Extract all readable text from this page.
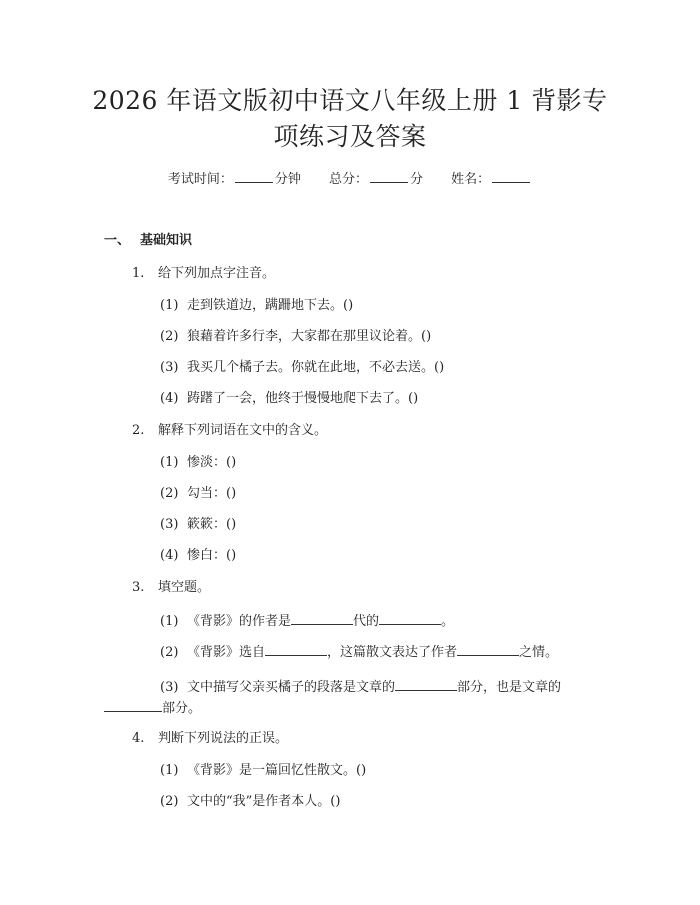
2026 年语文版初中语文八年级上册 1 背影专
项练习及答案
考试时间：	分钟 总分：	分 姓名：
一、 基础知识
1. 给下列加点字注音。
(1) 走到铁道边，蹒跚地下去。()
(2) 狼藉着许多行李，大家都在那里议论着。()
(3) 我买几个橘子去。你就在此地，不必去送。()
(4) 踌躇了一会，他终于慢慢地爬下去了。()
2. 解释下列词语在文中的含义。
(1) 惨淡：()
(2) 勾当：()
(3) 簌簌：()
(4) 惨白：()
3. 填空题。
(1) 《背影》的作者是	代的	。
(2) 《背影》选自	，这篇散文表达了作者	之情。
(3) 文中描写父亲买橘子的段落是文章的	部分，也是文章的
部分。
4. 判断下列说法的正误。
(1) 《背影》是一篇回忆性散文。()
(2) 文中的“我”是作者本人。()
